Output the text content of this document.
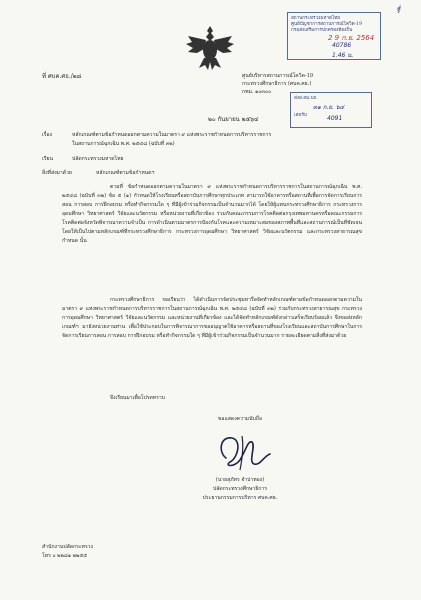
รื๋
สถานกระทรวงมหาดไทย
ศูนย์บัญชาการสถานการณ์โควิด-19
กรมส่งเสริมการปกครองท้องถิ่น
2 9 ก.ย. 2564
40786
1.46 น.
ที่ ศบค.ศธ./๒๘	ศูนย์บริหารสถานการณ์โควิด-19
กระทรวงศึกษาธิการ (ศบค.ศธ.)
กทม. ๑๐๓๐๐
ส่งส.สม.บถ.
๓๑ ก.ย. ๖๔
เลขรับ	4091
๒๐ กันยายน ๒๕๖๔
เรื่อง	หลักเกณฑ์ตามข้อกำหนดออกตามความในมาตรา ๙ แห่งพระราชกำหนดการบริหารราชการ
ในสถานการณ์ฉุกเฉิน พ.ศ. ๒๕๔๘ (ฉบับที่ ๓๒)
เรียน	ปลัดกระทรวงมหาดไทย
สิ่งที่ส่งมาด้วย	หลักเกณฑ์ตามข้อกำหนดฯ
ตามที่ ข้อกำหนดออกตามความในมาตรา ๙ แห่งพระราชกำหนดการบริหารราชการในสถานการณ์ฉุกเฉิน พ.ศ. ๒๕๔๘ (ฉบับที่ ๓๒) ข้อ ๕ (๑) กำหนดให้โรงเรียนหรือสถาบันการศึกษาทุกประเภท สามารถใช้อาคารหรือสถานที่เพื่อการจัดการเรียนการสอน การสอบ การฝึกอบรม หรือทำกิจกรรมใด ๆ ที่มีผู้เข้าร่วมกิจกรรมเป็นจำนวนมากได้ โดยให้ผู้แทนกระทรวงศึกษาธิการ กระทรวงการอุดมศึกษา วิทยาศาสตร์ วิจัยและนวัตกรรม หรือหน่วยงานที่เกี่ยวข้อง ร่วมกับคณะกรรมการโรคติดต่อกรุงเทพมหานครหรือคณะกรรมการโรคติดต่อจังหวัดพิจารณาความจำเป็น การดำเนินตามมาตรการป้องกันโรคและความเหมาะสมของสภาพพื้นที่และสถานการณ์เป็นที่ชัดเจน โดยให้เป็นไปตามหลักเกณฑ์ที่กระทรวงศึกษาธิการ กระทรวงการอุดมศึกษา วิทยาศาสตร์ วิจัยและนวัตกรรม และกระทรวงสาธารณสุขกำหนด นั้น
กระทรวงศึกษาธิการ ขอเรียนว่า ได้ดำเนินการจัดประชุมหารือจัดทำหลักเกณฑ์ตามข้อกำหนดออกตามความในมาตรา ๙ แห่งพระราชกำหนดการบริหารราชการในสถานการณ์ฉุกเฉิน พ.ศ. ๒๕๔๘ (ฉบับที่ ๓๒) ร่วมกับกระทรวงสาธารณสุข กระทรวงการอุดมศึกษา วิทยาศาสตร์ วิจัยและนวัตกรรม และหน่วยงานที่เกี่ยวข้อง และได้จัดทำหลักเกณฑ์ดังกล่าวเสร็จเรียบร้อยแล้ว จึงขอส่งหลักเกณฑ์ฯ มายังหน่วยงานท่าน เพื่อใช้ประกอบในการพิจารณาการขออนุญาตใช้อาคารหรือสถานที่ของโรงเรียนและสถาบันการศึกษาในการจัดการเรียนการสอน การสอบ การฝึกอบรม หรือทำกิจกรรมใด ๆ ที่มีผู้เข้าร่วมกิจกรรมเป็นจำนวนมาก รายละเอียดตามสิ่งที่ส่งมาด้วย
จึงเรียนมาเพื่อโปรดทราบ
ขอแสดงความนับถือ
(นายสุภัทร จำปาทอง)
ปลัดกระทรวงศึกษาธิการ
ประธานกรรมการบริหาร ศบค.ศธ.
สำนักงานปลัดกระทรวง
โทร ๐ ๒๒๘๑ ๒๒๕๕
